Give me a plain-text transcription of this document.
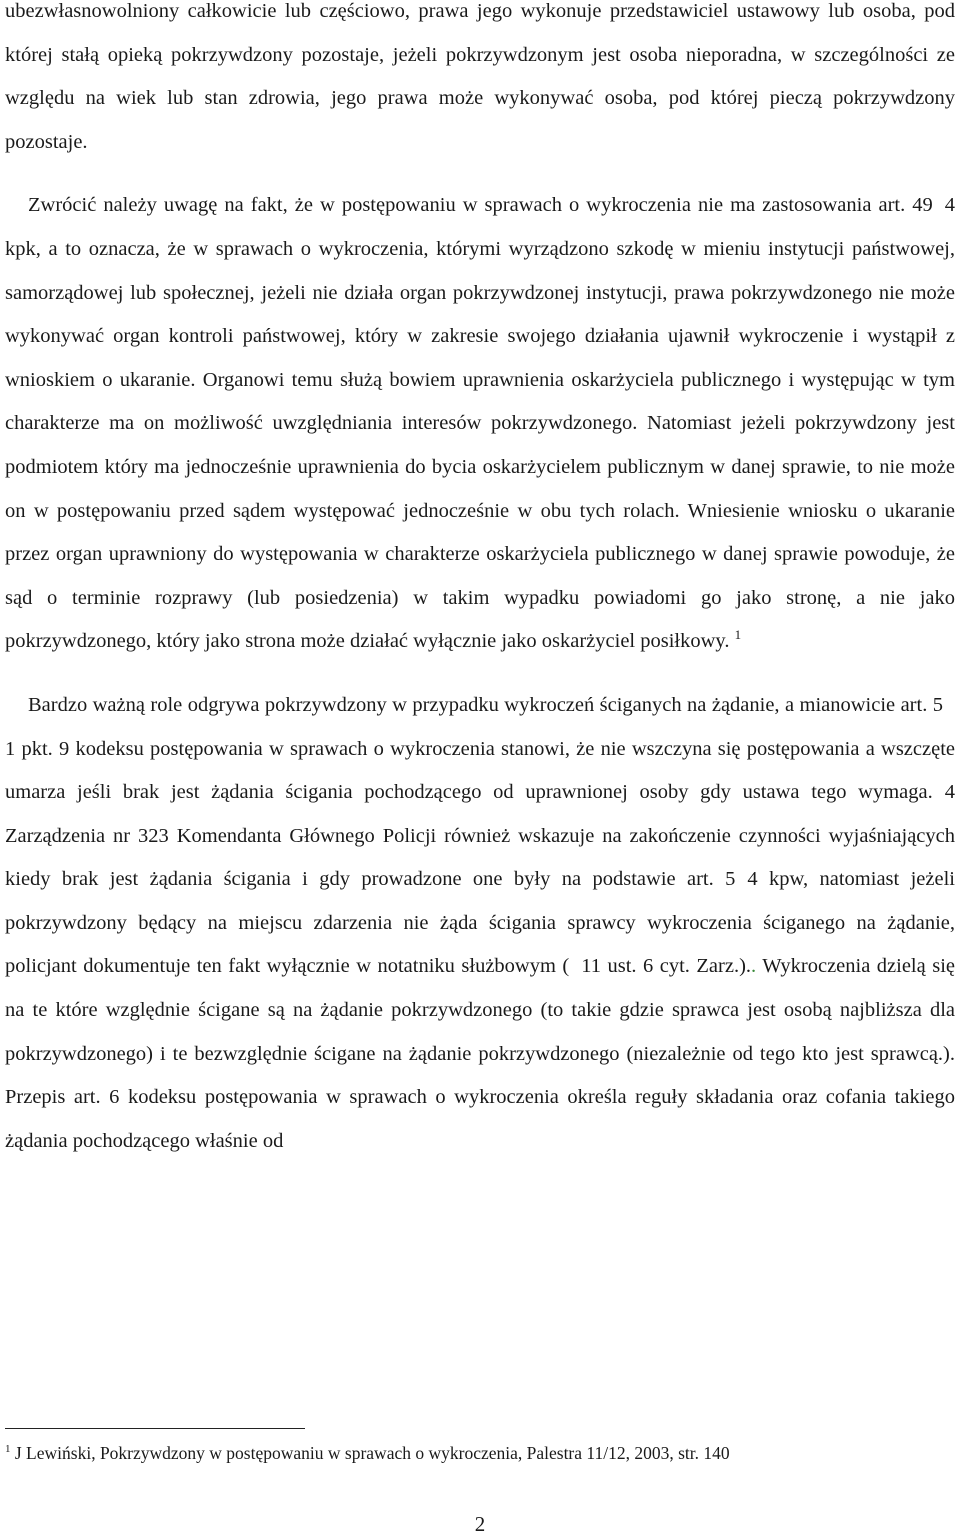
ubezwłasnowolniony całkowicie lub częściowo, prawa jego wykonuje przedstawiciel ustawowy lub osoba, pod której stałą opieką pokrzywdzony pozostaje, jeżeli pokrzywdzonym jest osoba nieporadna, w szczególności ze względu na wiek lub stan zdrowia, jego prawa może wykonywać osoba, pod której pieczą pokrzywdzony pozostaje.

Zwrócić należy uwagę na fakt, że w postępowaniu w sprawach o wykroczenia nie ma zastosowania art. 49 4 kpk, a to oznacza, że w sprawach o wykroczenia, którymi wyrządzono szkodę w mieniu instytucji państwowej, samorządowej lub społecznej, jeżeli nie działa organ pokrzywdzonej instytucji, prawa pokrzywdzonego nie może wykonywać organ kontroli państwowej, który w zakresie swojego działania ujawnił wykroczenie i wystąpił z wnioskiem o ukaranie. Organowi temu służą bowiem uprawnienia oskarżyciela publicznego i występując w tym charakterze ma on możliwość uwzględniania interesów pokrzywdzonego. Natomiast jeżeli pokrzywdzony jest podmiotem który ma jednocześnie uprawnienia do bycia oskarżycielem publicznym w danej sprawie, to nie może on w postępowaniu przed sądem występować jednocześnie w obu tych rolach. Wniesienie wniosku o ukaranie przez organ uprawniony do występowania w charakterze oskarżyciela publicznego w danej sprawie powoduje, że sąd o terminie rozprawy (lub posiedzenia) w takim wypadku powiadomi go jako stronę, a nie jako pokrzywdzonego, który jako strona może działać wyłącznie jako oskarżyciel posiłkowy. $^1$

Bardzo ważną role odgrywa pokrzywdzony w przypadku wykroczeń ściganych na żądanie, a mianowicie art. 51 pkt. 9 kodeksu postępowania w sprawach o wykroczenia stanowi, że nie wszczyna się postępowania a wszczęte umarza jeśli brak jest żądania ścigania pochodzącego od uprawnionej osoby gdy ustawa tego wymaga. 4 Zarządzenia nr 323 Komendanta Głównego Policji również wskazuje na zakończenie czynności wyjaśniających kiedy brak jest żądania ścigania i gdy prowadzone one były na podstawie art. 5 4 kpw, natomiast jeżeli pokrzywdzony będący na miejscu zdarzenia nie żąda ścigania sprawcy wykroczenia ściganego na żądanie, policjant dokumentuje ten fakt wyłącznie w notatniku służbowym ( 11 ust. 6 cyt. Zarz.).. Wykroczenia dzielą się na te które względnie ścigane są na żądanie pokrzywdzonego (to takie gdzie sprawca jest osobą najbliższa dla pokrzywdzonego) i te bezwzględnie ścigane na żądanie pokrzywdzonego (niezależnie od tego kto jest sprawcą.). Przepis art. 6 kodeksu postępowania w sprawach o wykroczenia określa reguły składania oraz cofania takiego żądania pochodzącego właśnie od

$^1$ J Lewiński, Pokrzywdzony w postępowaniu w sprawach o wykroczenia, Palestra 11/12, 2003, str. 140

2
